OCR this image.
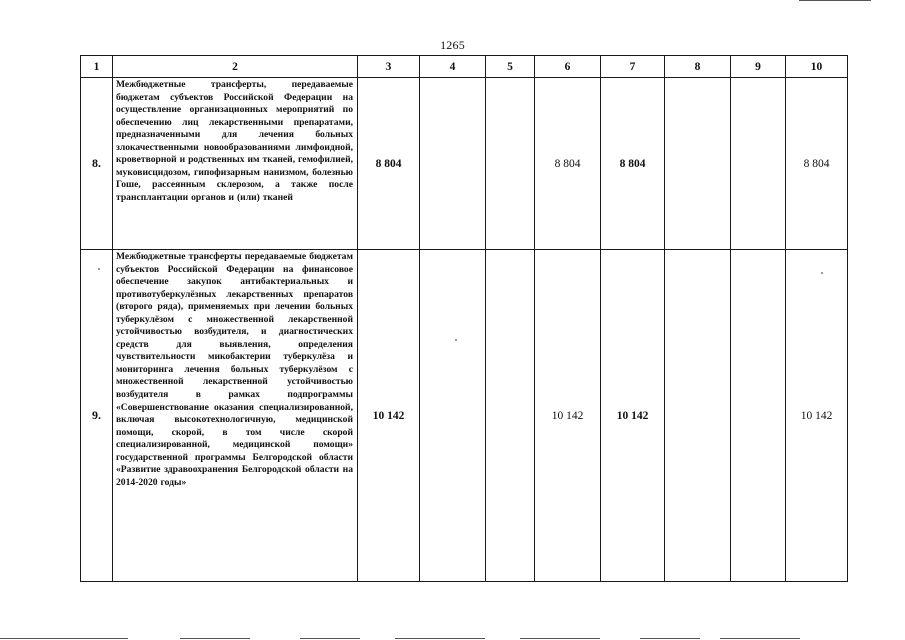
1265
1	2	3	4	5	6	7	8	9	10
8.	Межбюджетные трансферты, передаваемые бюджетам субъектов Российской Федерации на осуществление организационных мероприятий по обеспечению лиц лекарственными препаратами, предназначенными для лечения больных злокачественными новообразованиями лимфоидной, кроветворной и родственных им тканей, гемофилией, муковисцидозом, гипофизарным нанизмом, болезнью Гоше, рассеянным склерозом, а также после трансплантации органов и (или) тканей	8 804			8 804	8 804			8 804
9.	Межбюджетные трансферты передаваемые бюджетам субъектов Российской Федерации на финансовое обеспечение закупок антибактериальных и противотуберкулёзных лекарственных препаратов (второго ряда), применяемых при лечении больных туберкулёзом с множественной лекарственной устойчивостью возбудителя, и диагностических средств для выявления, определения чувствительности микобактерии туберкулёза и мониторинга лечения больных туберкулёзом с множественной лекарственной устойчивостью возбудителя в рамках подпрограммы «Совершенствование оказания специализированной, включая высокотехнологичную, медицинской помощи, скорой, в том числе скорой специализированной, медицинской помощи» государственной программы Белгородской области «Развитие здравоохранения Белгородской области на 2014-2020 годы»	10 142			10 142	10 142			10 142
